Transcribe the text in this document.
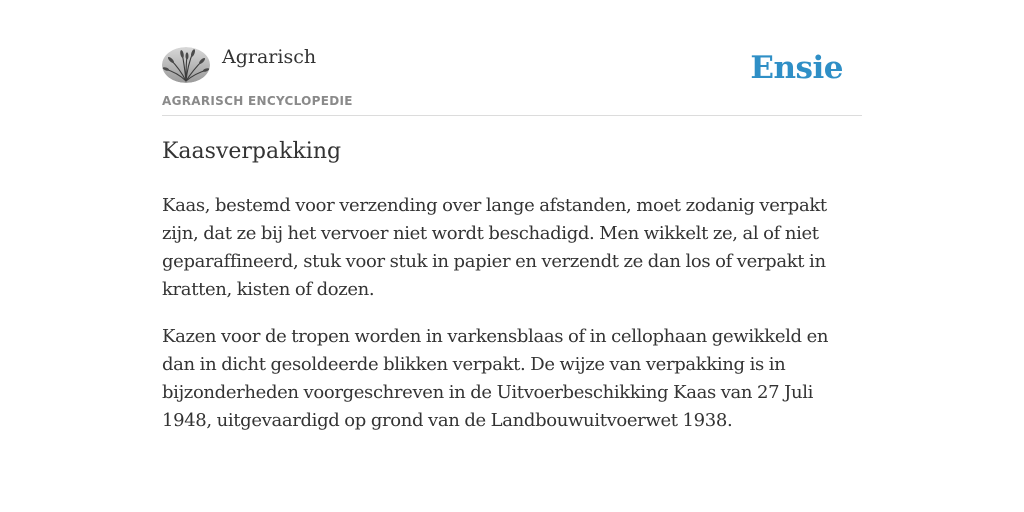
Agrarisch
AGRARISCH ENCYCLOPEDIE
Ensie
Kaasverpakking

Kaas, bestemd voor verzending over lange afstanden, moet zodanig verpakt zijn, dat ze bij het vervoer niet wordt beschadigd. Men wikkelt ze, al of niet geparaffineerd, stuk voor stuk in papier en verzendt ze dan los of verpakt in kratten, kisten of dozen.

Kazen voor de tropen worden in varkensblaas of in cellophaan gewikkeld en dan in dicht gesoldeerde blikken verpakt. De wijze van verpakking is in bijzonderheden voorgeschreven in de Uitvoerbeschikking Kaas van 27 Juli 1948, uitgevaardigd op grond van de Landbouwuitvoerwet 1938.
